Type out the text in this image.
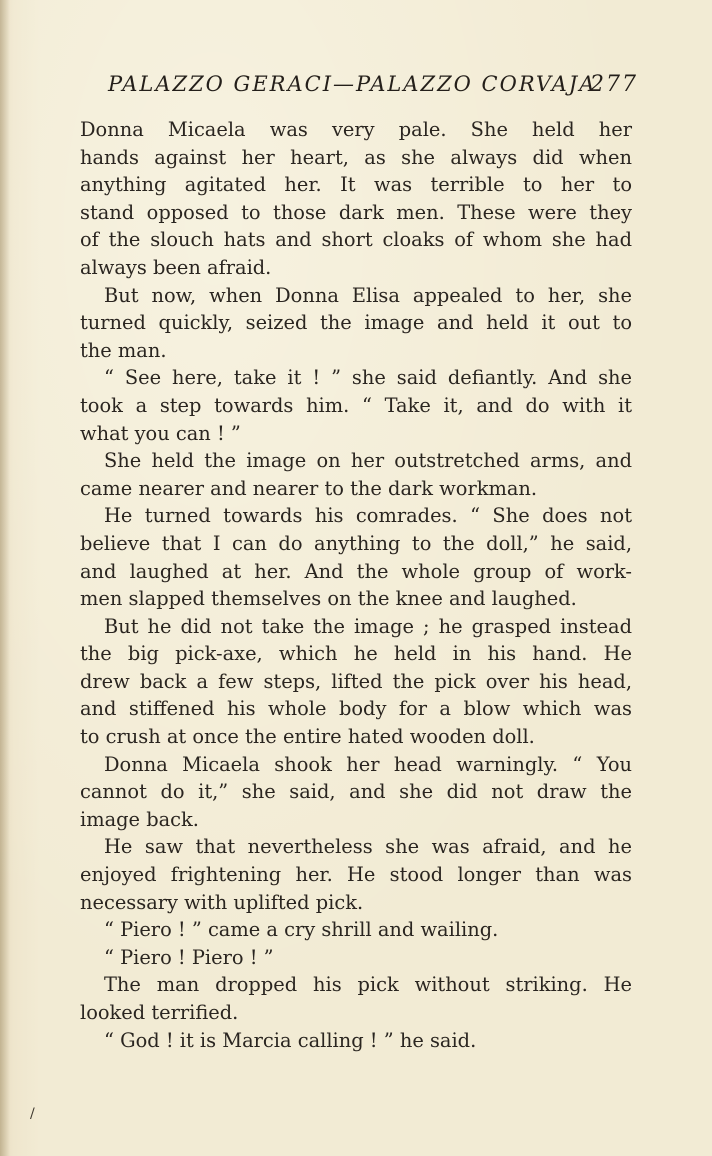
PALAZZO GERACI—PALAZZO CORVAJA
277
Donna Micaela was very pale. She held her
hands against her heart, as she always did when
anything agitated her. It was terrible to her to
stand opposed to those dark men. These were they
of the slouch hats and short cloaks of whom she had
always been afraid.
But now, when Donna Elisa appealed to her, she
turned quickly, seized the image and held it out to
the man.
“ See here, take it ! ” she said defiantly. And she
took a step towards him. “ Take it, and do with it
what you can ! ”
She held the image on her outstretched arms, and
came nearer and nearer to the dark workman.
He turned towards his comrades. “ She does not
believe that I can do anything to the doll,” he said,
and laughed at her. And the whole group of work-
men slapped themselves on the knee and laughed.
But he did not take the image ; he grasped instead
the big pick-axe, which he held in his hand. He
drew back a few steps, lifted the pick over his head,
and stiffened his whole body for a blow which was
to crush at once the entire hated wooden doll.
Donna Micaela shook her head warningly. “ You
cannot do it,” she said, and she did not draw the
image back.
He saw that nevertheless she was afraid, and he
enjoyed frightening her. He stood longer than was
necessary with uplifted pick.
“ Piero ! ” came a cry shrill and wailing.
“ Piero ! Piero ! ”
The man dropped his pick without striking. He
looked terrified.
“ God ! it is Marcia calling ! ” he said.
/
